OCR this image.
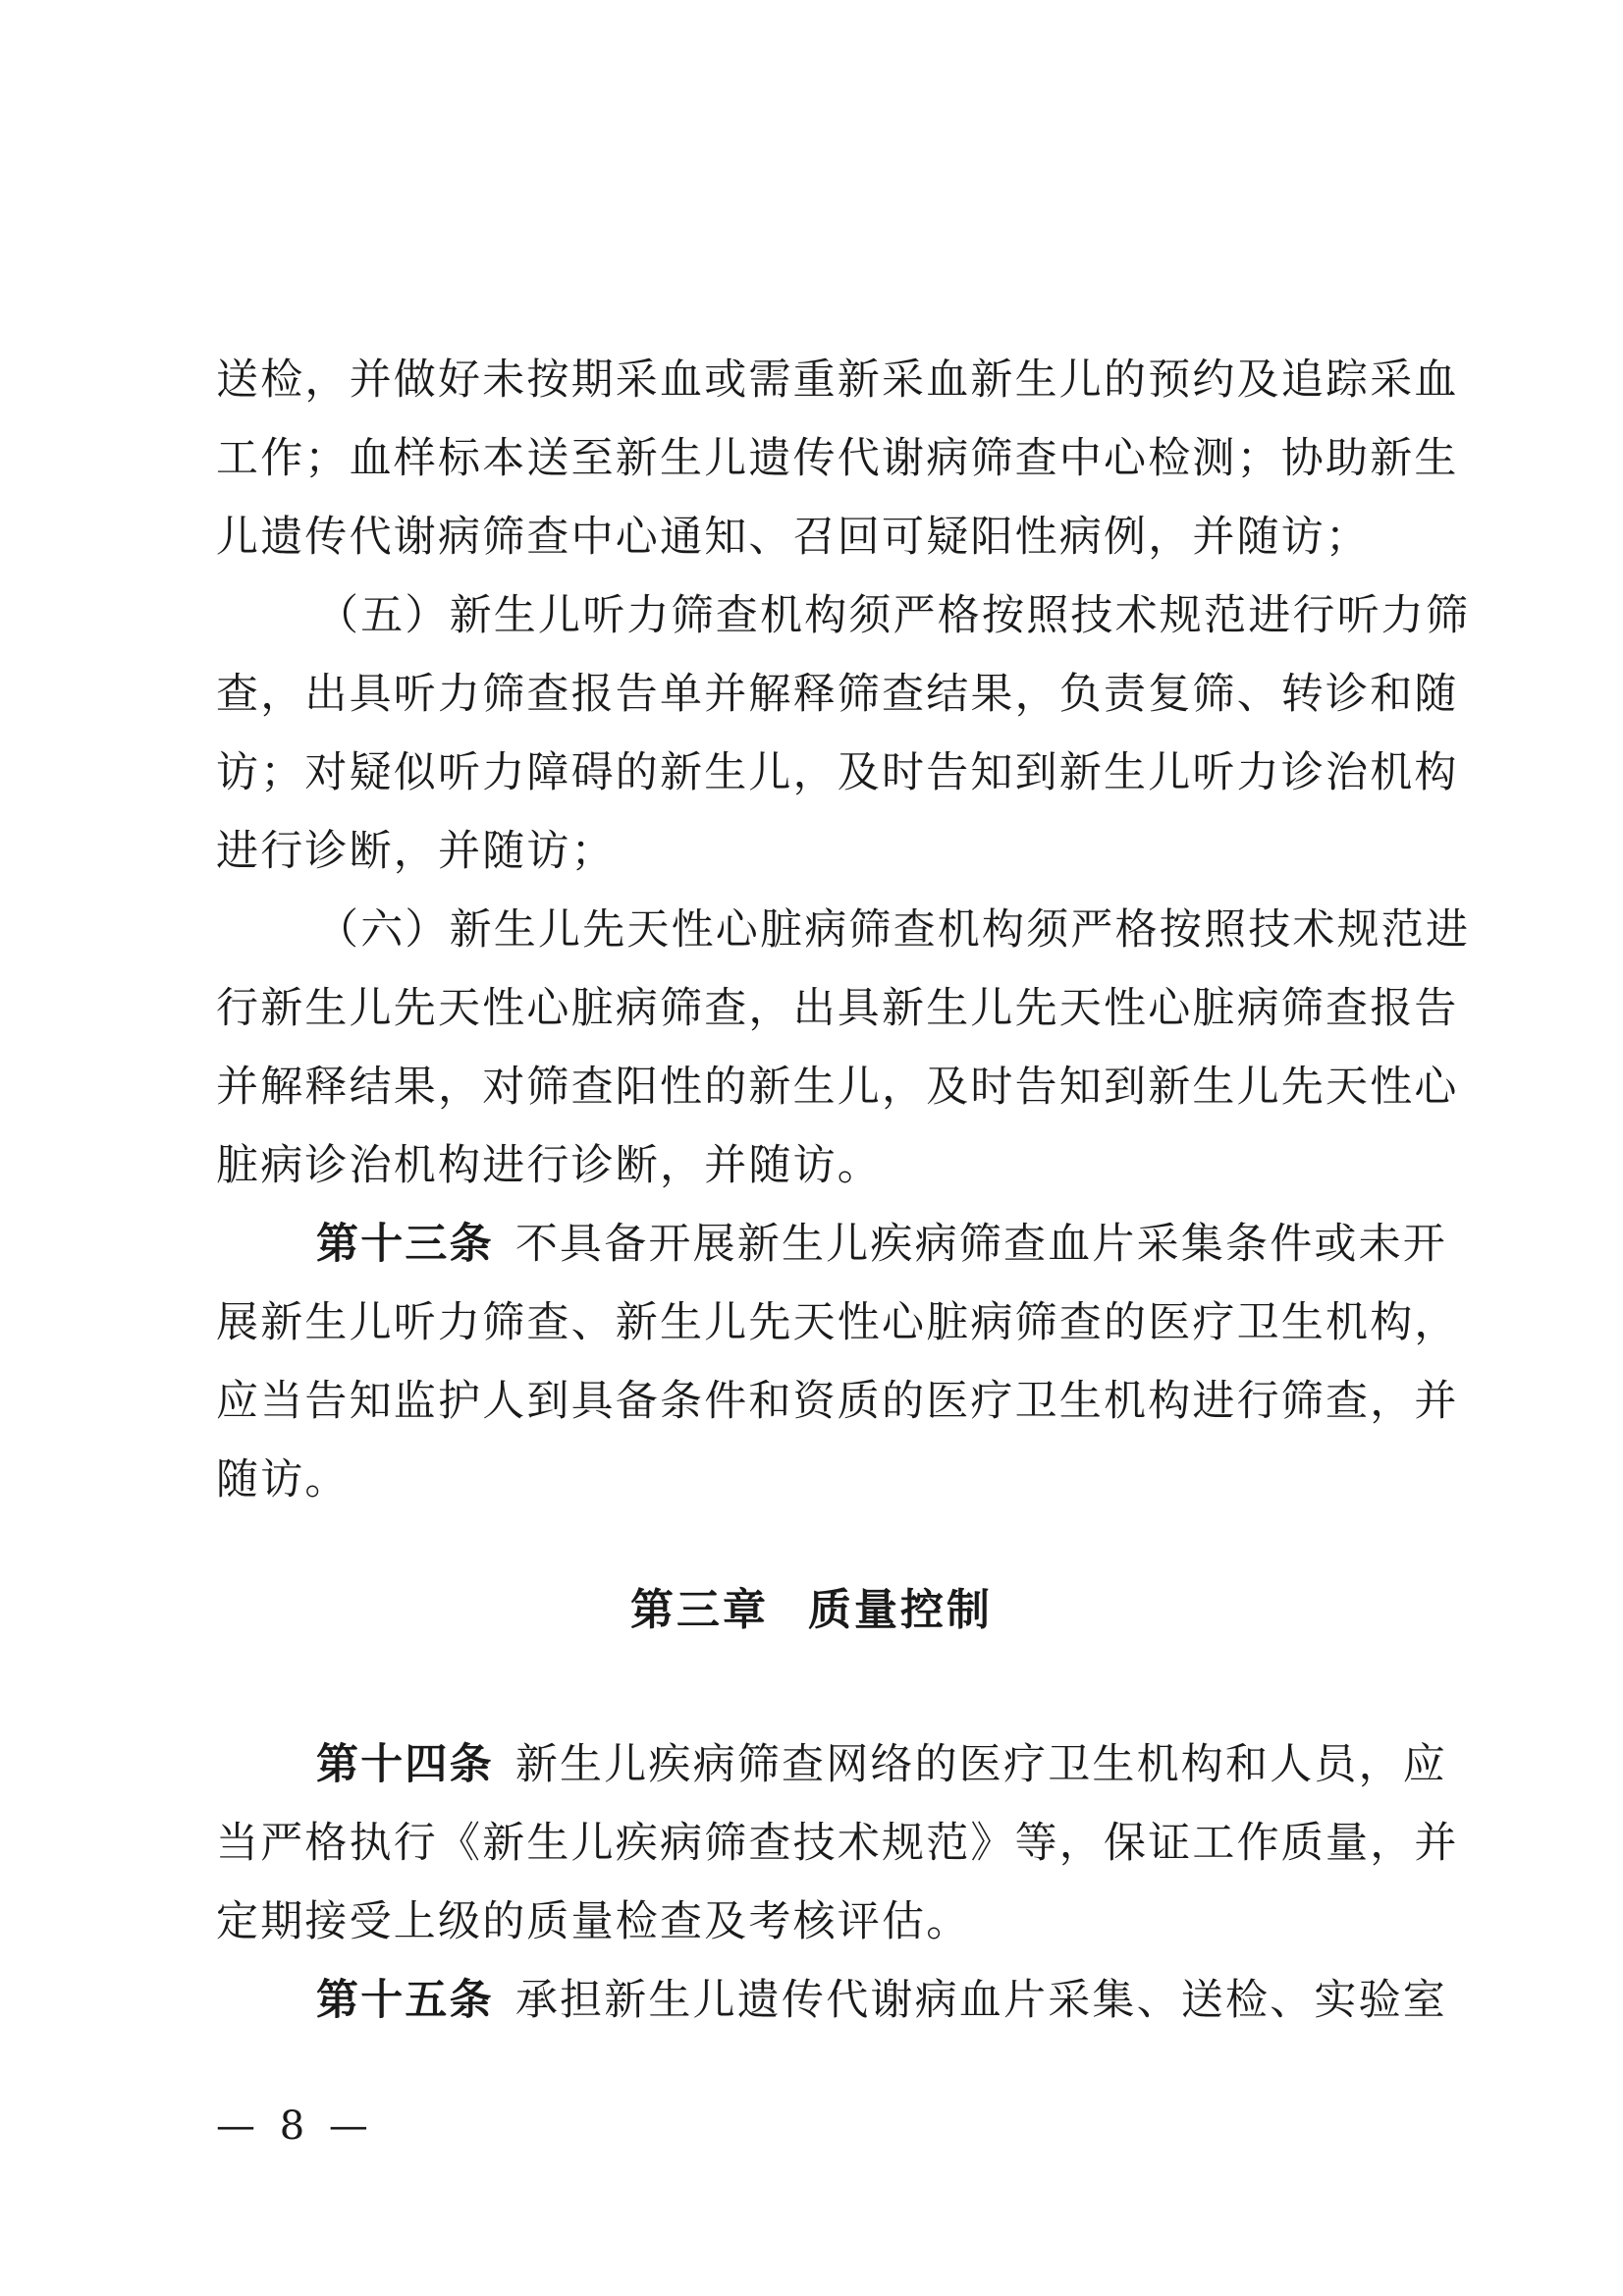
送检，并做好未按期采血或需重新采血新生儿的预约及追踪采血
工作；血样标本送至新生儿遗传代谢病筛查中心检测；协助新生
儿遗传代谢病筛查中心通知、召回可疑阳性病例，并随访；
（五）新生儿听力筛查机构须严格按照技术规范进行听力筛
查，出具听力筛查报告单并解释筛查结果，负责复筛、转诊和随
访；对疑似听力障碍的新生儿，及时告知到新生儿听力诊治机构
进行诊断，并随访；
（六）新生儿先天性心脏病筛查机构须严格按照技术规范进
行新生儿先天性心脏病筛查，出具新生儿先天性心脏病筛查报告
并解释结果，对筛查阳性的新生儿，及时告知到新生儿先天性心
脏病诊治机构进行诊断，并随访。
第十三条 不具备开展新生儿疾病筛查血片采集条件或未开
展新生儿听力筛查、新生儿先天性心脏病筛查的医疗卫生机构，
应当告知监护人到具备条件和资质的医疗卫生机构进行筛查，并
随访。
第三章 质量控制
第十四条 新生儿疾病筛查网络的医疗卫生机构和人员，应
当严格执行《新生儿疾病筛查技术规范》等，保证工作质量，并
定期接受上级的质量检查及考核评估。
第十五条 承担新生儿遗传代谢病血片采集、送检、实验室
— 8 —
